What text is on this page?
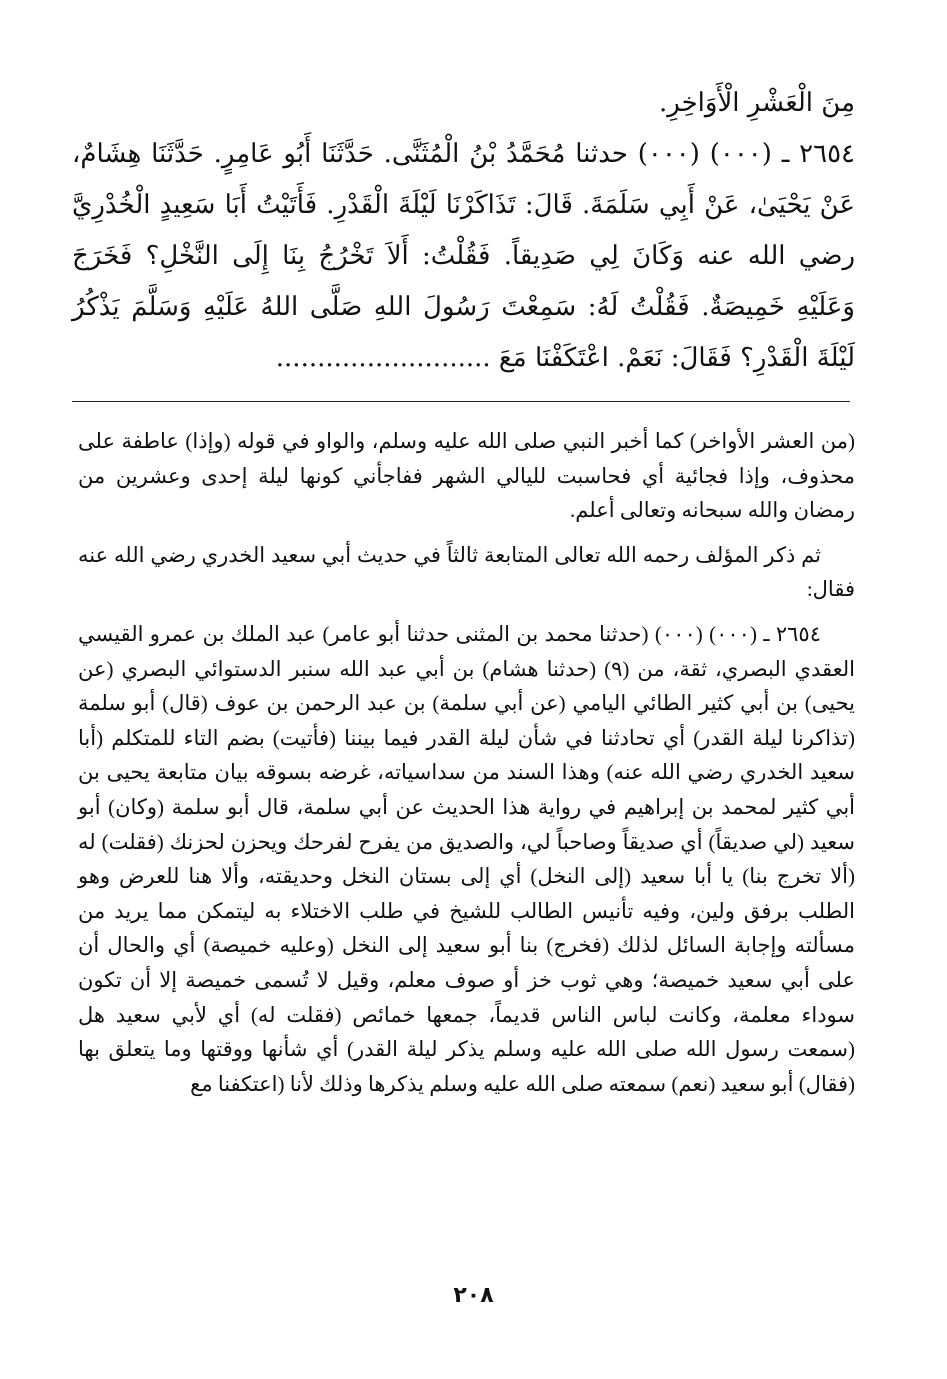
مِنَ الْعَشْرِ الْأَوَاخِرِ.

٢٦٥٤ ـ (٠٠٠) (٠٠٠) حدثنا مُحَمَّدُ بْنُ الْمُثَنَّى. حَدَّثَنَا أَبُو عَامِرٍ. حَدَّثَنَا هِشَامٌ، عَنْ يَحْيَىٰ، عَنْ أَبِي سَلَمَةَ. قَالَ: تَذَاكَرْنَا لَيْلَةَ الْقَدْرِ. فَأَتَيْتُ أَبَا سَعِيدٍ الْخُدْرِيَّ رضي الله عنه وَكَانَ لِي صَدِيقاً. فَقُلْتُ: أَلاَ تَخْرُجُ بِنَا إِلَى النَّخْلِ؟ فَخَرَجَ وَعَلَيْهِ خَمِيصَةٌ. فَقُلْتُ لَهُ: سَمِعْتَ رَسُولَ اللهِ صَلَّى اللهُ عَلَيْهِ وَسَلَّمَ يَذْكُرُ لَيْلَةَ الْقَدْرِ؟ فَقَالَ: نَعَمْ. اعْتَكَفْنَا مَعَ ..........................

(من العشر الأواخر) كما أخبر النبي صلى الله عليه وسلم، والواو في قوله (وإذا) عاطفة على محذوف، وإذا فجائية أي فحاسبت لليالي الشهر ففاجأني كونها ليلة إحدى وعشرين من رمضان والله سبحانه وتعالى أعلم.

ثم ذكر المؤلف رحمه الله تعالى المتابعة ثالثاً في حديث أبي سعيد الخدري رضي الله عنه فقال:

٢٦٥٤ ـ (٠٠٠) (٠٠٠) (حدثنا محمد بن المثنى حدثنا أبو عامر) عبد الملك بن عمرو القيسي العقدي البصري، ثقة، من (٩) (حدثنا هشام) بن أبي عبد الله سنبر الدستوائي البصري (عن يحيى) بن أبي كثير الطائي اليامي (عن أبي سلمة) بن عبد الرحمن بن عوف (قال) أبو سلمة (تذاكرنا ليلة القدر) أي تحادثنا في شأن ليلة القدر فيما بيننا (فأتيت) بضم التاء للمتكلم (أبا سعيد الخدري رضي الله عنه) وهذا السند من سداسياته، غرضه بسوقه بيان متابعة يحيى بن أبي كثير لمحمد بن إبراهيم في رواية هذا الحديث عن أبي سلمة، قال أبو سلمة (وكان) أبو سعيد (لي صديقاً) أي صديقاً وصاحباً لي، والصديق من يفرح لفرحك ويحزن لحزنك (فقلت) له (ألا تخرج بنا) يا أبا سعيد (إلى النخل) أي إلى بستان النخل وحديقته، وألا هنا للعرض وهو الطلب برفق ولين، وفيه تأنيس الطالب للشيخ في طلب الاختلاء به ليتمكن مما يريد من مسألته وإجابة السائل لذلك (فخرج) بنا أبو سعيد إلى النخل (وعليه خميصة) أي والحال أن على أبي سعيد خميصة؛ وهي ثوب خز أو صوف معلم، وقيل لا تُسمى خميصة إلا أن تكون سوداء معلمة، وكانت لباس الناس قديماً، جمعها خمائص (فقلت له) أي لأبي سعيد هل (سمعت رسول الله صلى الله عليه وسلم يذكر ليلة القدر) أي شأنها ووقتها وما يتعلق بها (فقال) أبو سعيد (نعم) سمعته صلى الله عليه وسلم يذكرها وذلك لأنا (اعتكفنا مع

٢٠٨
